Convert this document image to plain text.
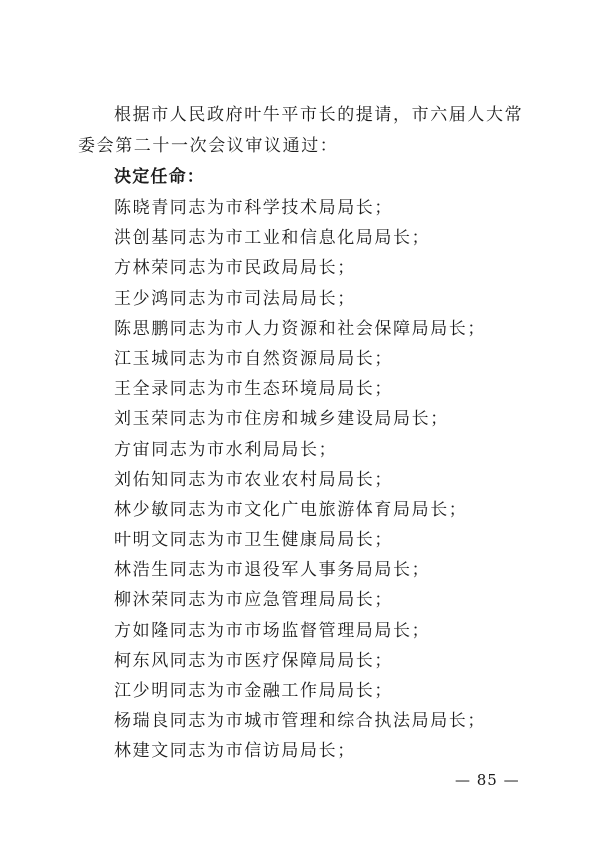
根据市人民政府叶牛平市长的提请，市六届人大常委会第二十一次会议审议通过：

决定任命：
陈晓青同志为市科学技术局局长；
洪创基同志为市工业和信息化局局长；
方林荣同志为市民政局局长；
王少鸿同志为市司法局局长；
陈思鹏同志为市人力资源和社会保障局局长；
江玉城同志为市自然资源局局长；
王全录同志为市生态环境局局长；
刘玉荣同志为市住房和城乡建设局局长；
方宙同志为市水利局局长；
刘佑知同志为市农业农村局局长；
林少敏同志为市文化广电旅游体育局局长；
叶明文同志为市卫生健康局局长；
林浩生同志为市退役军人事务局局长；
柳沐荣同志为市应急管理局局长；
方如隆同志为市市场监督管理局局长；
柯东风同志为市医疗保障局局长；
江少明同志为市金融工作局局长；
杨瑞良同志为市城市管理和综合执法局局长；
林建文同志为市信访局局长；
— 85 —
